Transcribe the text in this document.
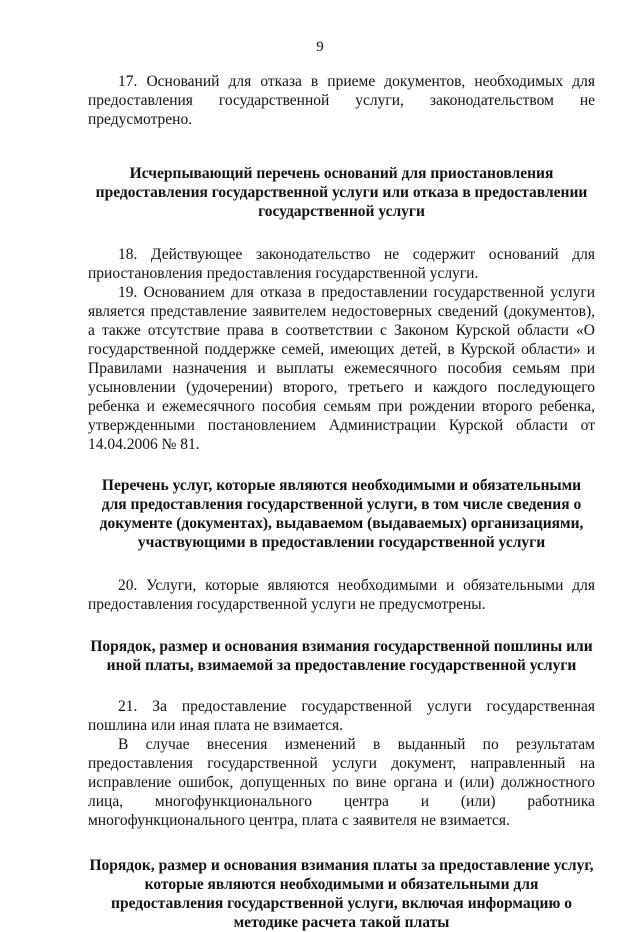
9

17. Оснований для отказа в приеме документов, необходимых для предоставления государственной услуги, законодательством не предусмотрено.

Исчерпывающий перечень оснований для приостановления предоставления государственной услуги или отказа в предоставлении государственной услуги

18. Действующее законодательство не содержит оснований для приостановления предоставления государственной услуги.

19. Основанием для отказа в предоставлении государственной услуги является представление заявителем недостоверных сведений (документов), а также отсутствие права в соответствии с Законом Курской области «О государственной поддержке семей, имеющих детей, в Курской области» и Правилами назначения и выплаты ежемесячного пособия семьям при усыновлении (удочерении) второго, третьего и каждого последующего ребенка и ежемесячного пособия семьям при рождении второго ребенка, утвержденными постановлением Администрации Курской области от 14.04.2006 № 81.

Перечень услуг, которые являются необходимыми и обязательными для предоставления государственной услуги, в том числе сведения о документе (документах), выдаваемом (выдаваемых) организациями, участвующими в предоставлении государственной услуги

20. Услуги, которые являются необходимыми и обязательными для предоставления государственной услуги не предусмотрены.

Порядок, размер и основания взимания государственной пошлины или иной платы, взимаемой за предоставление государственной услуги

21. За предоставление государственной услуги государственная пошлина или иная плата не взимается.

В случае внесения изменений в выданный по результатам предоставления государственной услуги документ, направленный на исправление ошибок, допущенных по вине органа и (или) должностного лица, многофункционального центра и (или) работника многофункционального центра, плата с заявителя не взимается.

Порядок, размер и основания взимания платы за предоставление услуг, которые являются необходимыми и обязательными для предоставления государственной услуги, включая информацию о методике расчета такой платы
